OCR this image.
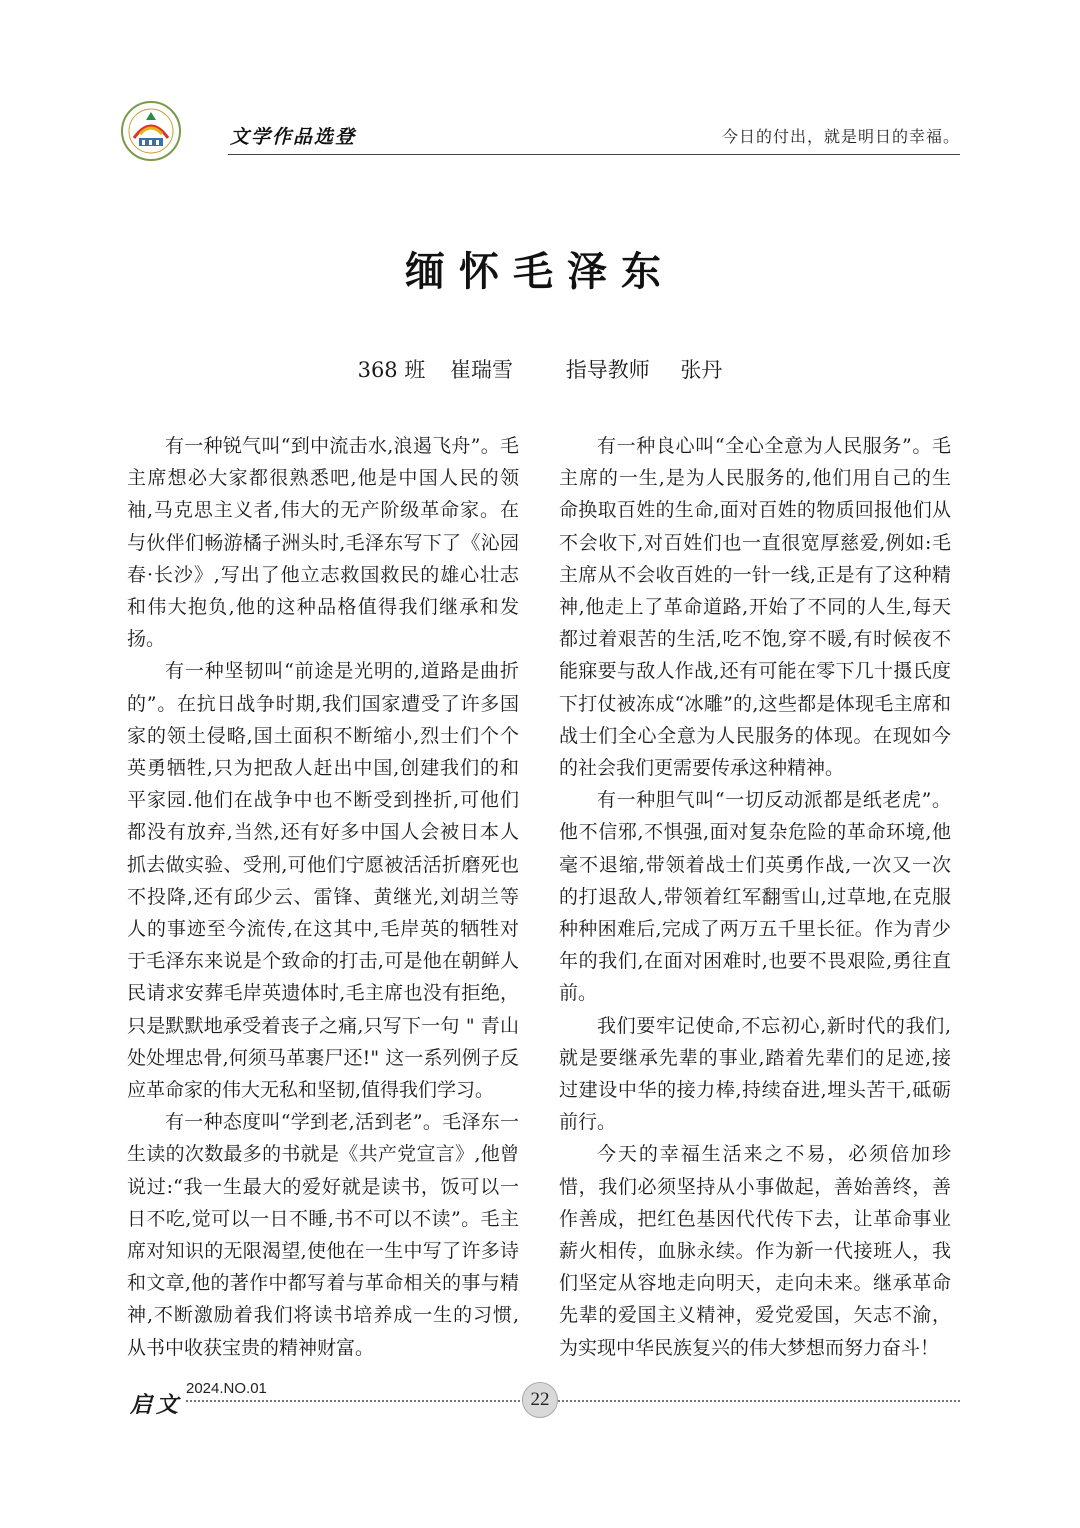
文学作品选登	今日的付出，就是明日的幸福。
缅怀毛泽东
368 班 崔瑞雪	指导教师 张丹

有一种锐气叫“到中流击水,浪遏飞舟”。毛主席想必大家都很熟悉吧,他是中国人民的领袖,马克思主义者,伟大的无产阶级革命家。在与伙伴们畅游橘子洲头时,毛泽东写下了《沁园春·长沙》,写出了他立志救国救民的雄心壮志和伟大抱负,他的这种品格值得我们继承和发扬。

有一种坚韧叫“前途是光明的,道路是曲折的”。在抗日战争时期,我们国家遭受了许多国家的领土侵略,国土面积不断缩小,烈士们个个英勇牺牲,只为把敌人赶出中国,创建我们的和平家园.他们在战争中也不断受到挫折,可他们都没有放弃,当然,还有好多中国人会被日本人抓去做实验、受刑,可他们宁愿被活活折磨死也不投降,还有邱少云、雷锋、黄继光,刘胡兰等人的事迹至今流传,在这其中,毛岸英的牺牲对于毛泽东来说是个致命的打击,可是他在朝鲜人民请求安葬毛岸英遗体时,毛主席也没有拒绝，只是默默地承受着丧子之痛,只写下一句 " 青山处处埋忠骨,何须马革裹尸还!" 这一系列例子反应革命家的伟大无私和坚韧,值得我们学习。

有一种态度叫“学到老,活到老”。毛泽东一生读的次数最多的书就是《共产党宣言》,他曾说过:“我一生最大的爱好就是读书，饭可以一日不吃,觉可以一日不睡,书不可以不读”。毛主席对知识的无限渴望,使他在一生中写了许多诗和文章,他的著作中都写着与革命相关的事与精神,不断激励着我们将读书培养成一生的习惯,从书中收获宝贵的精神财富。

有一种良心叫“全心全意为人民服务”。毛主席的一生,是为人民服务的,他们用自己的生命换取百姓的生命,面对百姓的物质回报他们从不会收下,对百姓们也一直很宽厚慈爱,例如:毛主席从不会收百姓的一针一线,正是有了这种精神,他走上了革命道路,开始了不同的人生,每天都过着艰苦的生活,吃不饱,穿不暖,有时候夜不能寐要与敌人作战,还有可能在零下几十摄氏度下打仗被冻成“冰雕”的,这些都是体现毛主席和战士们全心全意为人民服务的体现。在现如今的社会我们更需要传承这种精神。

有一种胆气叫“一切反动派都是纸老虎”。他不信邪,不惧强,面对复杂危险的革命环境,他毫不退缩,带领着战士们英勇作战,一次又一次的打退敌人,带领着红军翻雪山,过草地,在克服种种困难后,完成了两万五千里长征。作为青少年的我们,在面对困难时,也要不畏艰险,勇往直前。

我们要牢记使命,不忘初心,新时代的我们,就是要继承先辈的事业,踏着先辈们的足迹,接过建设中华的接力棒,持续奋进,埋头苦干,砥砺前行。

今天的幸福生活来之不易，必须倍加珍惜，我们必须坚持从小事做起，善始善终，善作善成，把红色基因代代传下去，让革命事业薪火相传，血脉永续。作为新一代接班人，我们坚定从容地走向明天，走向未来。继承革命先辈的爱国主义精神，爱党爱国，矢志不渝，为实现中华民族复兴的伟大梦想而努力奋斗！

启文
2024.NO.01
22
